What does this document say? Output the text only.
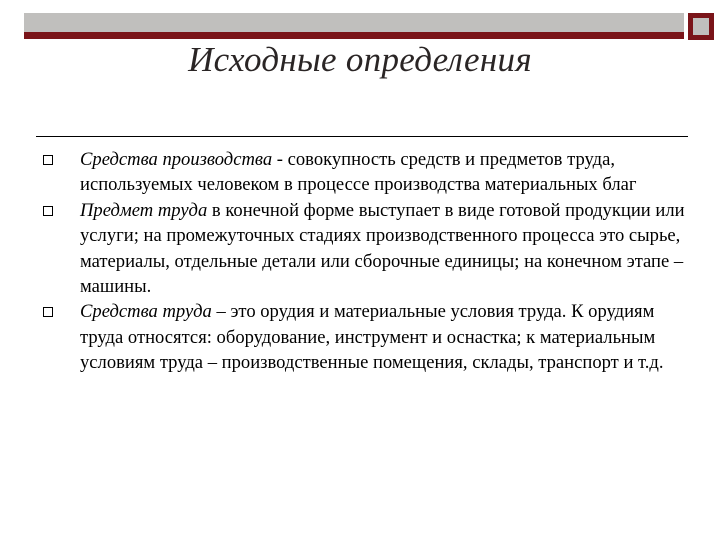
Исходные определения
Средства производства - совокупность средств и предметов труда, используемых человеком в процессе производства материальных благ
Предмет труда в конечной форме выступает в виде готовой продукции или услуги; на промежуточных стадиях производственного процесса это сырье, материалы, отдельные детали или сборочные единицы; на конечном этапе – машины.
Средства труда – это орудия и материальные условия труда. К орудиям труда относятся: оборудование, инструмент и оснастка; к материальным условиям труда – производственные помещения, склады, транспорт и т.д.
